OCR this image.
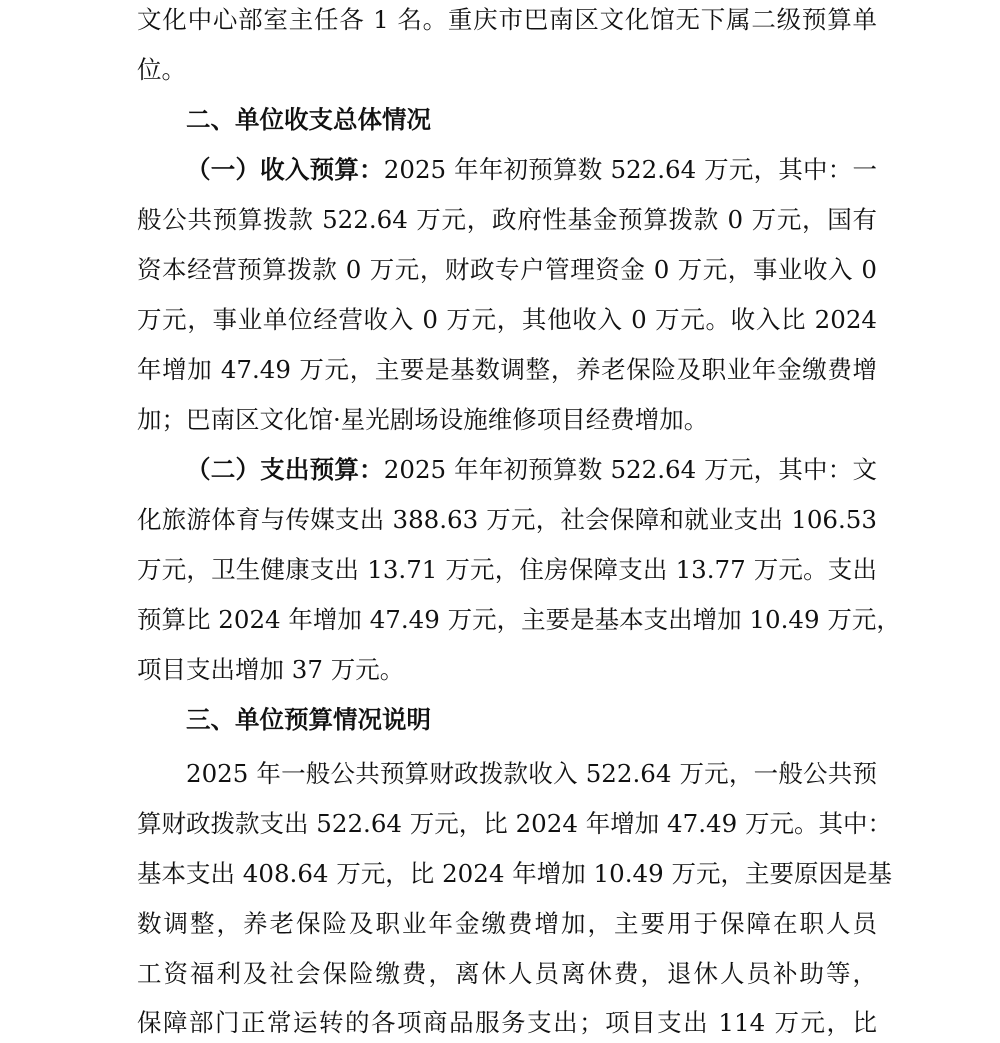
文化中心部室主任各 1 名。重庆市巴南区文化馆无下属二级预算单
位。
二、单位收支总体情况
（一）收入预算：2025 年年初预算数 522.64 万元，其中：一
般公共预算拨款 522.64 万元，政府性基金预算拨款 0 万元，国有
资本经营预算拨款 0 万元，财政专户管理资金 0 万元，事业收入 0
万元，事业单位经营收入 0 万元，其他收入 0 万元。收入比 2024
年增加 47.49 万元，主要是基数调整，养老保险及职业年金缴费增
加；巴南区文化馆·星光剧场设施维修项目经费增加。
（二）支出预算：2025 年年初预算数 522.64 万元，其中：文
化旅游体育与传媒支出 388.63 万元，社会保障和就业支出 106.53
万元，卫生健康支出 13.71 万元，住房保障支出 13.77 万元。支出
预算比 2024 年增加 47.49 万元，主要是基本支出增加 10.49 万元，
项目支出增加 37 万元。
三、单位预算情况说明
2025 年一般公共预算财政拨款收入 522.64 万元，一般公共预
算财政拨款支出 522.64 万元，比 2024 年增加 47.49 万元。其中：
基本支出 408.64 万元，比 2024 年增加 10.49 万元，主要原因是基
数调整，养老保险及职业年金缴费增加，主要用于保障在职人员
工资福利及社会保险缴费，离休人员离休费，退休人员补助等，
保障部门正常运转的各项商品服务支出；项目支出 114 万元，比
